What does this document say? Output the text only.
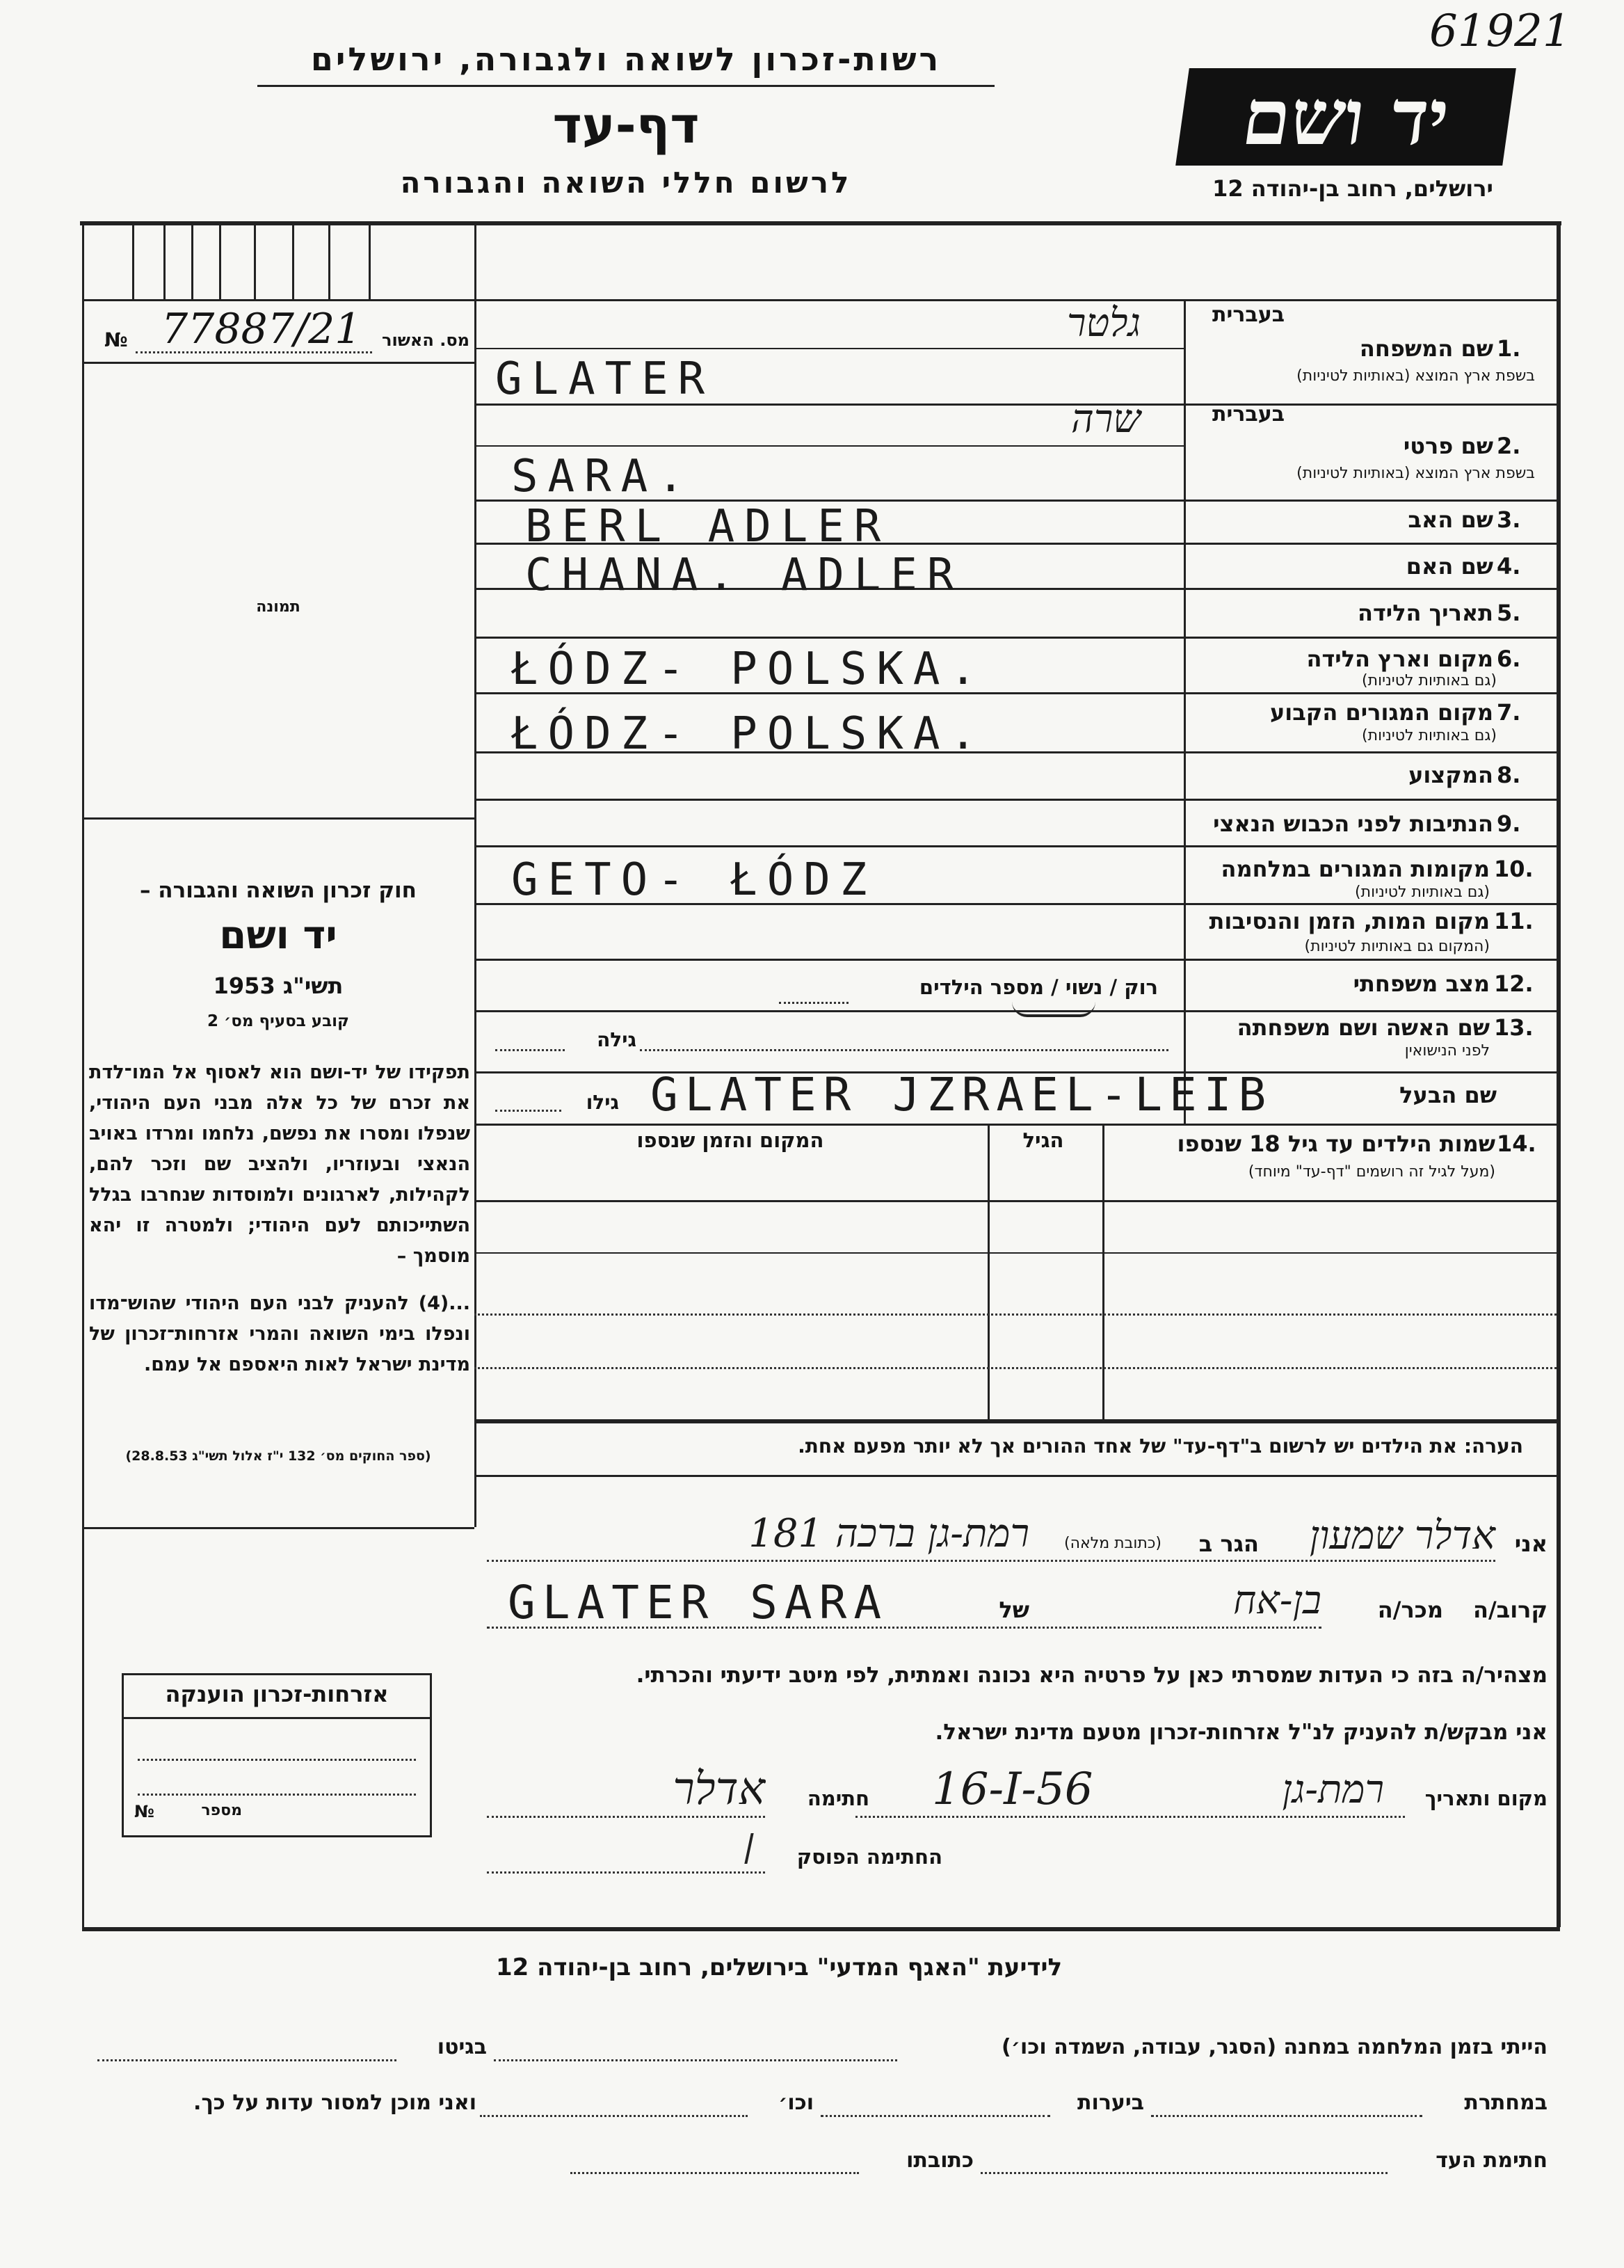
61921
רשות-זכרון לשואה ולגבורה, ירושלים
דף-עד
לרשום חללי השואה והגבורה
יד ושם
ירושלים, רחוב בן-יהודה 12
№ 77887/21	מס. האשור
תמונה
חוק זכרון השואה והגבורה –
יד ושם
תשי"ג 1953
קובע בסעיף מס׳ 2
תפקידו של יד-ושם הוא לאסוף אל המו־לדת את זכרם של כל אלה מבני העם היהודי, שנפלו ומסרו את נפשם, נלחמו ומרדו באויב הנאצי ובעוזריו, ולהציב שם וזכר להם, לקהילות, לארגונים ולמוסדות שנחרבו בגלל השתייכותם לעם היהודי; ולמטרה זו יהא מוסמך –
...(4) להעניק לבני העם היהודי שהוש־מדו ונפלו בימי השואה והמרי אזרחות־זכרון של מדינת ישראל לאות היאספם אל עמם.
(ספר החוקים מס׳ 132 י"ז אלול תשי"ג 28.8.53)
בעברית
שם המשפחה 1.
בשפת ארץ המוצא (באותיות לטיניות)
בעברית
שם פרטי 2.
בשפת ארץ המוצא (באותיות לטיניות)
שם האב 3.
שם האם 4.
תאריך הלידה 5.
מקום וארץ הלידה 6.
(גם באותיות לטיניות)
מקום המגורים הקבוע 7.
(גם באותיות לטיניות)
המקצוע 8.
הנתיבות לפני הכבוש הנאצי 9.
מקומות המגורים במלחמה 10.
(גם באותיות לטיניות)
מקום המות, הזמן והנסיבות 11.
(המקום גם באותיות לטיניות)
מצב משפחתי 12.
שם האשה ושם משפחתה 13.
לפני הנישואין
שם הבעל
גלטר
GLATER
שרה
SARA.
BERL ADLER
CHANA. ADLER
ŁÓDZ- POLSKA.
ŁÓDZ- POLSKA.
GETO- ŁÓDZ
רוק / נשוי / מספר הילדים
גילה
גילו GLATER JZRAEL-LEIB
שמות הילדים עד גיל 18 שנספו 14.
(מעל לגיל זה רושמים "דף-עד" מיוחד)
הגיל
המקום והזמן שנספו
הערה: את הילדים יש לרשום ב"דף-עד" של אחד ההורים אך לא יותר מפעם אחת.
אני
אדלר שמעון
הגר ב
(כתובת מלאה)
רמת-גן ברכה 181
קרוב/ה
מכר/ה
בן-אח
של
GLATER SARA
מצהיר/ה בזה כי העדות שמסרתי כאן על פרטיה היא נכונה ואמתית, לפי מיטב ידיעתי והכרתי.
אני מבקש/ת להעניק לנ"ל אזרחות-זכרון מטעם מדינת ישראל.
מקום ותאריך
רמת-גן
16-I-56
חתימה
אדלר
החתימה הפוסק
אזרחות-זכרון הוענקה
№	מספר
לידיעת "האגף המדעי" בירושלים, רחוב בן-יהודה 12
הייתי בזמן המלחמה במחנה (הסגר, עבודה, השמדה וכו׳)
בגיטו
במחתרת
ביערות
וכו׳
ואני מוכן למסור עדות על כך.
חתימת העד
כתובתו
